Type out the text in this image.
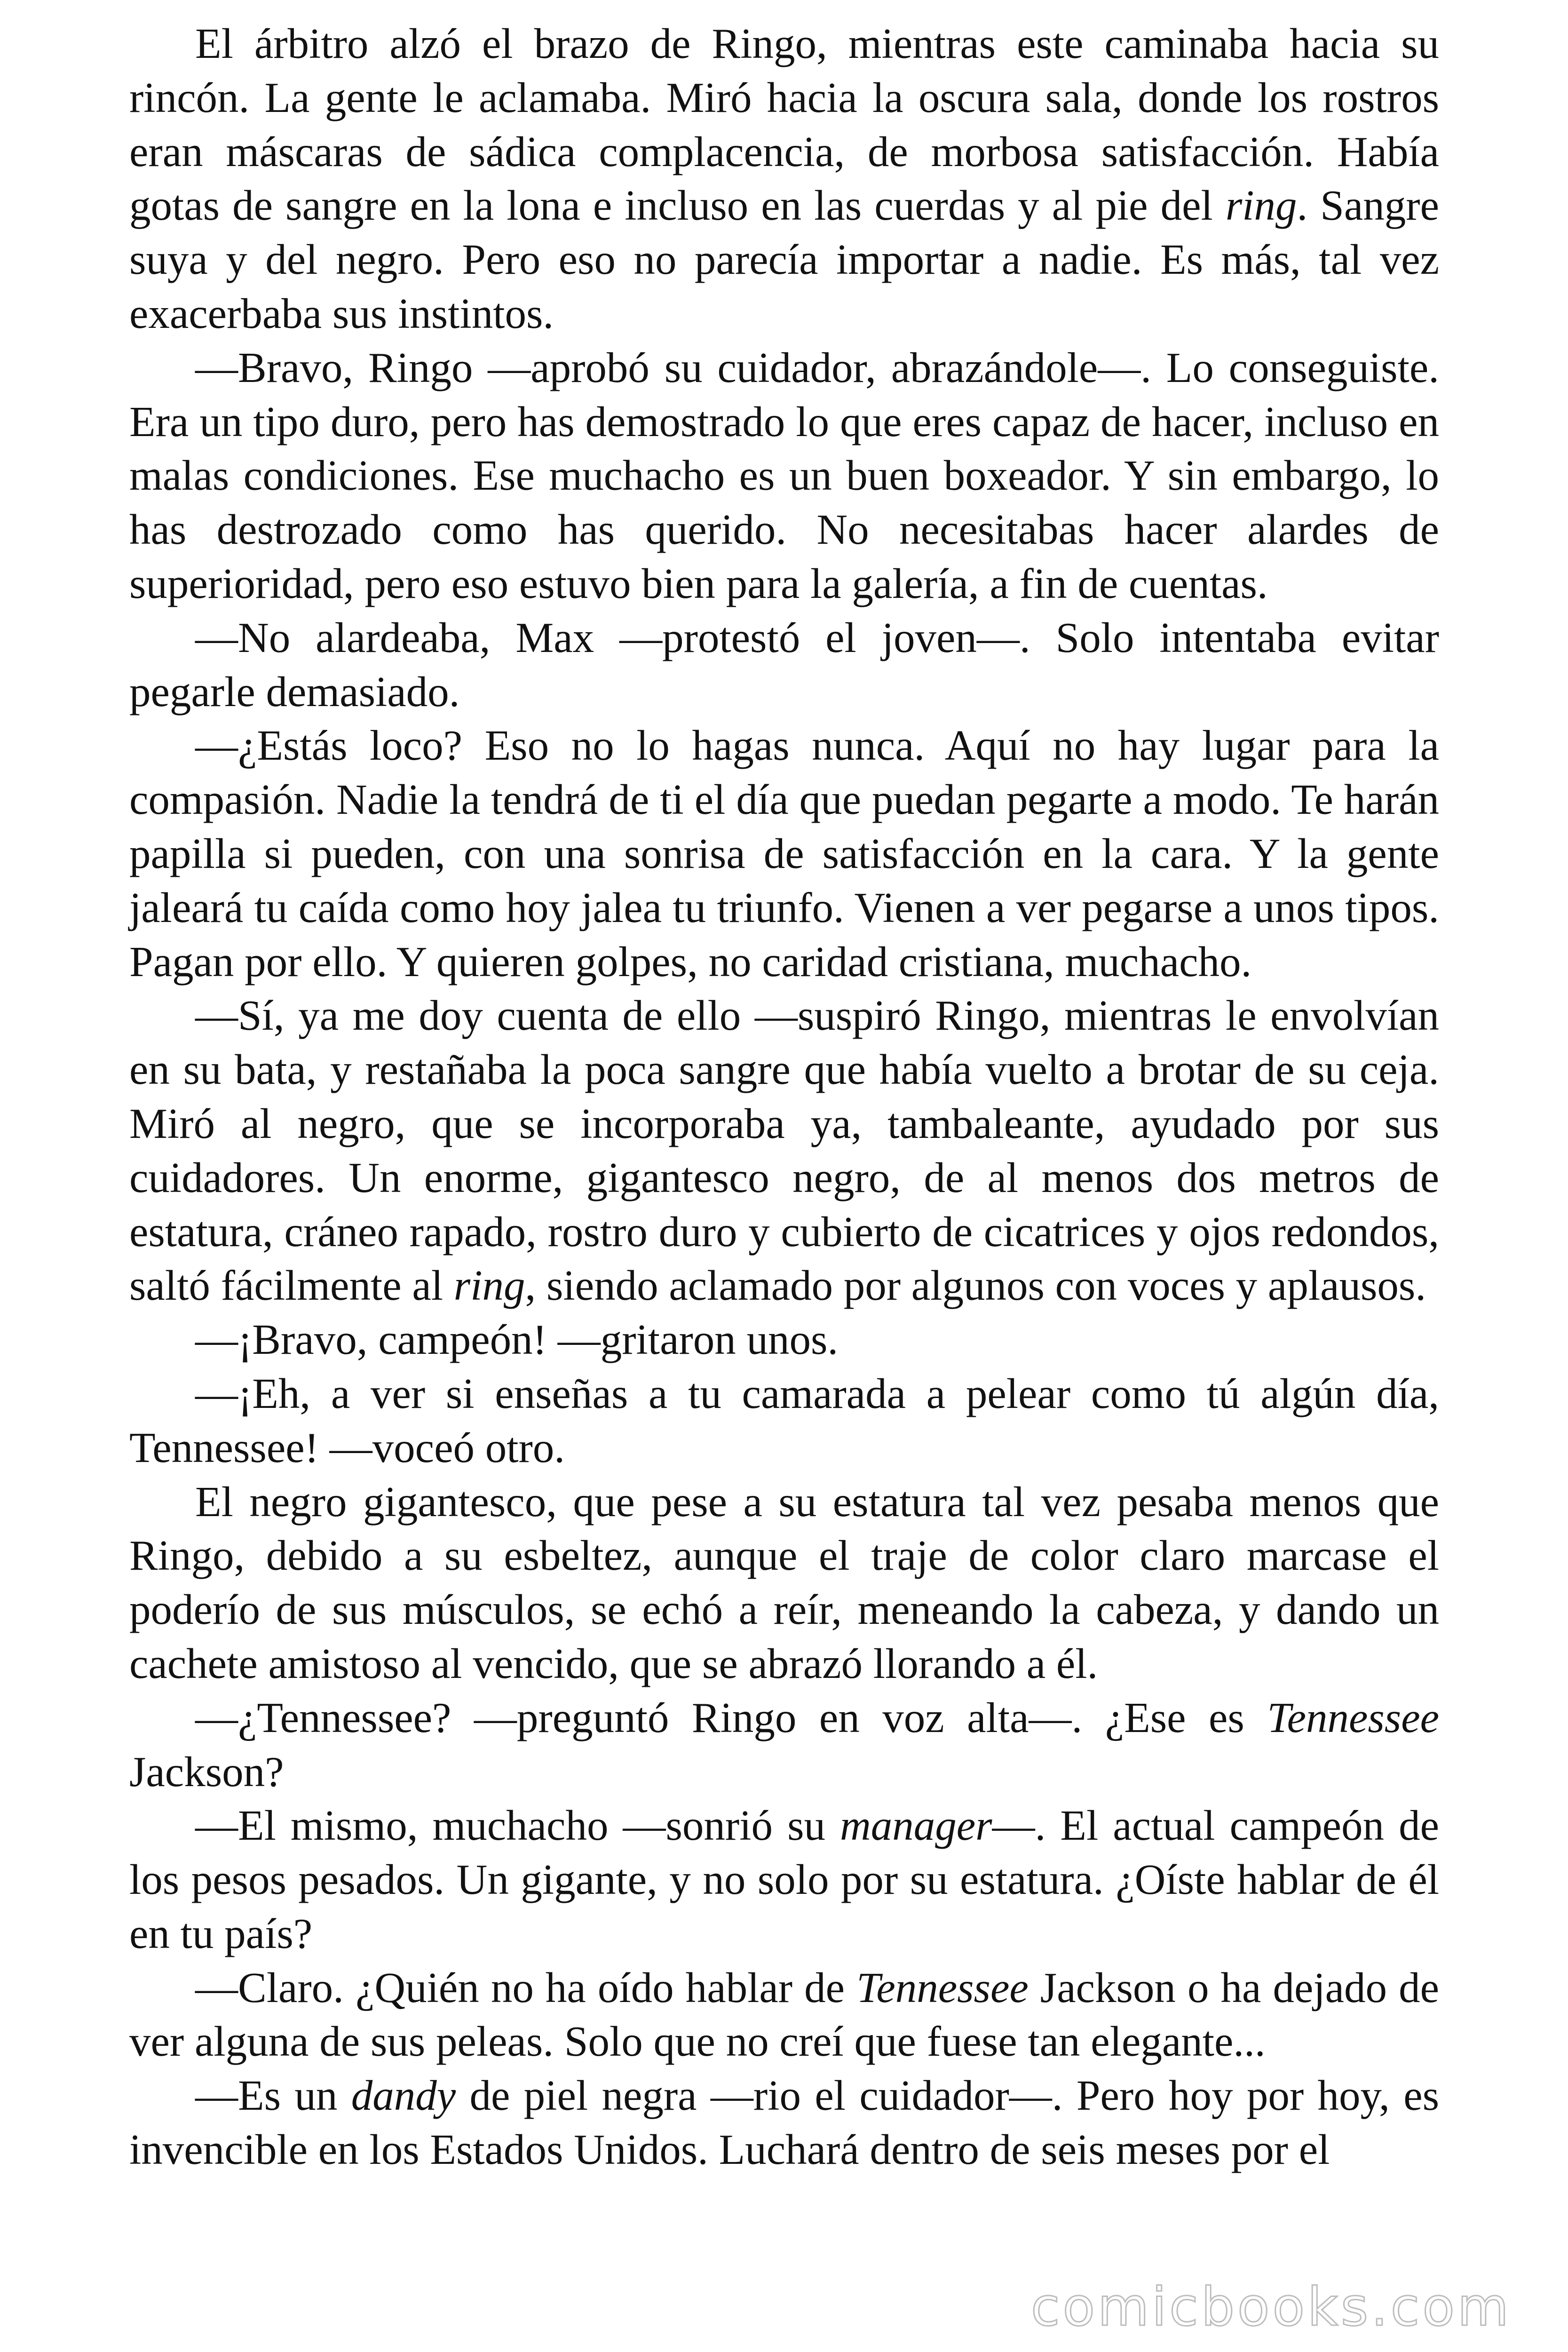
El árbitro alzó el brazo de Ringo, mientras este caminaba hacia su rincón. La gente le aclamaba. Miró hacia la oscura sala, donde los rostros eran máscaras de sádica complacencia, de morbosa satisfacción. Había gotas de sangre en la lona e incluso en las cuerdas y al pie del ring. Sangre suya y del negro. Pero eso no parecía importar a nadie. Es más, tal vez exacerbaba sus instintos.

—Bravo, Ringo —aprobó su cuidador, abrazándole—. Lo conseguiste. Era un tipo duro, pero has demostrado lo que eres capaz de hacer, incluso en malas condiciones. Ese muchacho es un buen boxeador. Y sin embargo, lo has destrozado como has querido. No necesitabas hacer alardes de superioridad, pero eso estuvo bien para la galería, a fin de cuentas.

—No alardeaba, Max —protestó el joven—. Solo intentaba evitar pegarle demasiado.

—¿Estás loco? Eso no lo hagas nunca. Aquí no hay lugar para la compasión. Nadie la tendrá de ti el día que puedan pegarte a modo. Te harán papilla si pueden, con una sonrisa de satisfacción en la cara. Y la gente jaleará tu caída como hoy jalea tu triunfo. Vienen a ver pegarse a unos tipos. Pagan por ello. Y quieren golpes, no caridad cristiana, muchacho.

—Sí, ya me doy cuenta de ello —suspiró Ringo, mientras le envolvían en su bata, y restañaba la poca sangre que había vuelto a brotar de su ceja. Miró al negro, que se incorporaba ya, tambaleante, ayudado por sus cuidadores. Un enorme, gigantesco negro, de al menos dos metros de estatura, cráneo rapado, rostro duro y cubierto de cicatrices y ojos redondos, saltó fácilmente al ring, siendo aclamado por algunos con voces y aplausos.

—¡Bravo, campeón! —gritaron unos.

—¡Eh, a ver si enseñas a tu camarada a pelear como tú algún día, Tennessee! —voceó otro.

El negro gigantesco, que pese a su estatura tal vez pesaba menos que Ringo, debido a su esbeltez, aunque el traje de color claro marcase el poderío de sus músculos, se echó a reír, meneando la cabeza, y dando un cachete amistoso al vencido, que se abrazó llorando a él.

—¿Tennessee? —preguntó Ringo en voz alta—. ¿Ese es Tennessee Jackson?

—El mismo, muchacho —sonrió su manager—. El actual campeón de los pesos pesados. Un gigante, y no solo por su estatura. ¿Oíste hablar de él en tu país?

—Claro. ¿Quién no ha oído hablar de Tennessee Jackson o ha dejado de ver alguna de sus peleas. Solo que no creí que fuese tan elegante...

—Es un dandy de piel negra —rio el cuidador—. Pero hoy por hoy, es invencible en los Estados Unidos. Luchará dentro de seis meses por el

comicbooks.com
